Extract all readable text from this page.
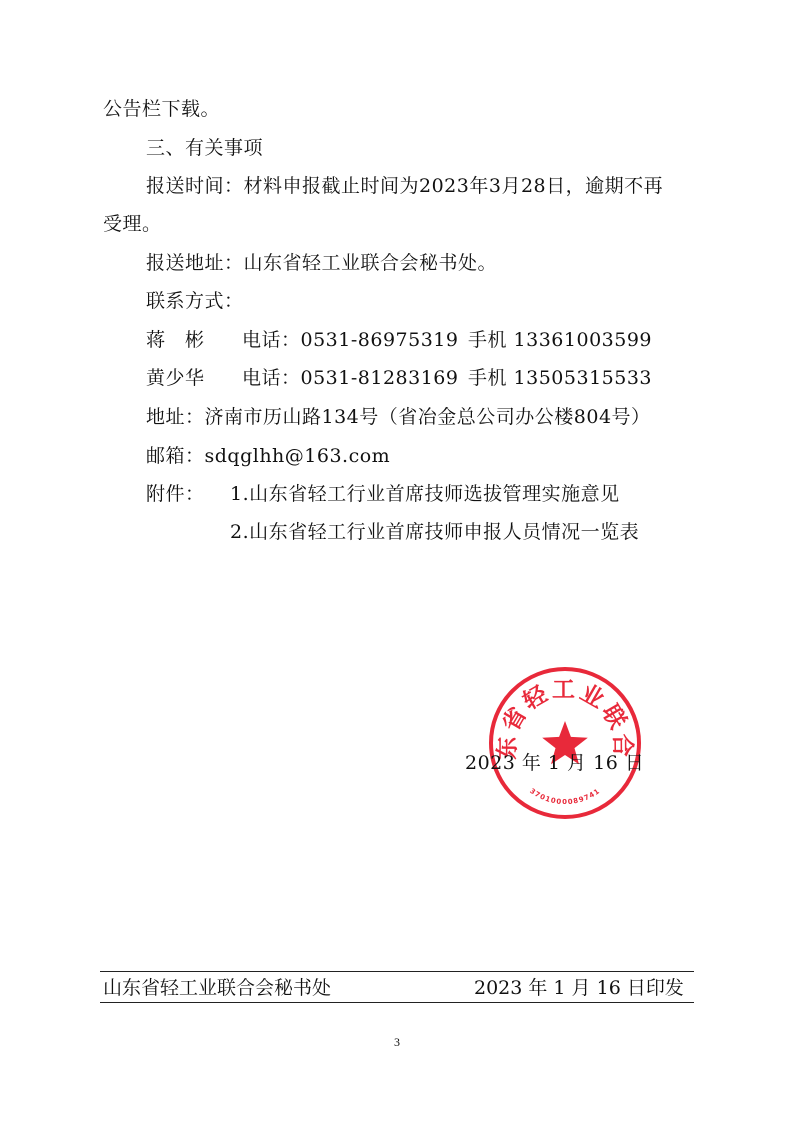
公告栏下载。
三、有关事项
报送时间：材料申报截止时间为2023年3月28日，逾期不再
受理。
报送地址：山东省轻工业联合会秘书处。
联系方式：
蒋　彬 电话：0531-86975319 手机 13361003599
黄少华 电话：0531-81283169 手机 13505315533
地址：济南市历山路134号（省冶金总公司办公楼804号）
邮箱：sdqglhh@163.com
附件： 1.山东省轻工行业首席技师选拔管理实施意见
2.山东省轻工行业首席技师申报人员情况一览表
东省轻工业联合
3701000089741
2023 年 1 月 16 日
山东省轻工业联合会秘书处	2023 年 1 月 16 日印发
3
